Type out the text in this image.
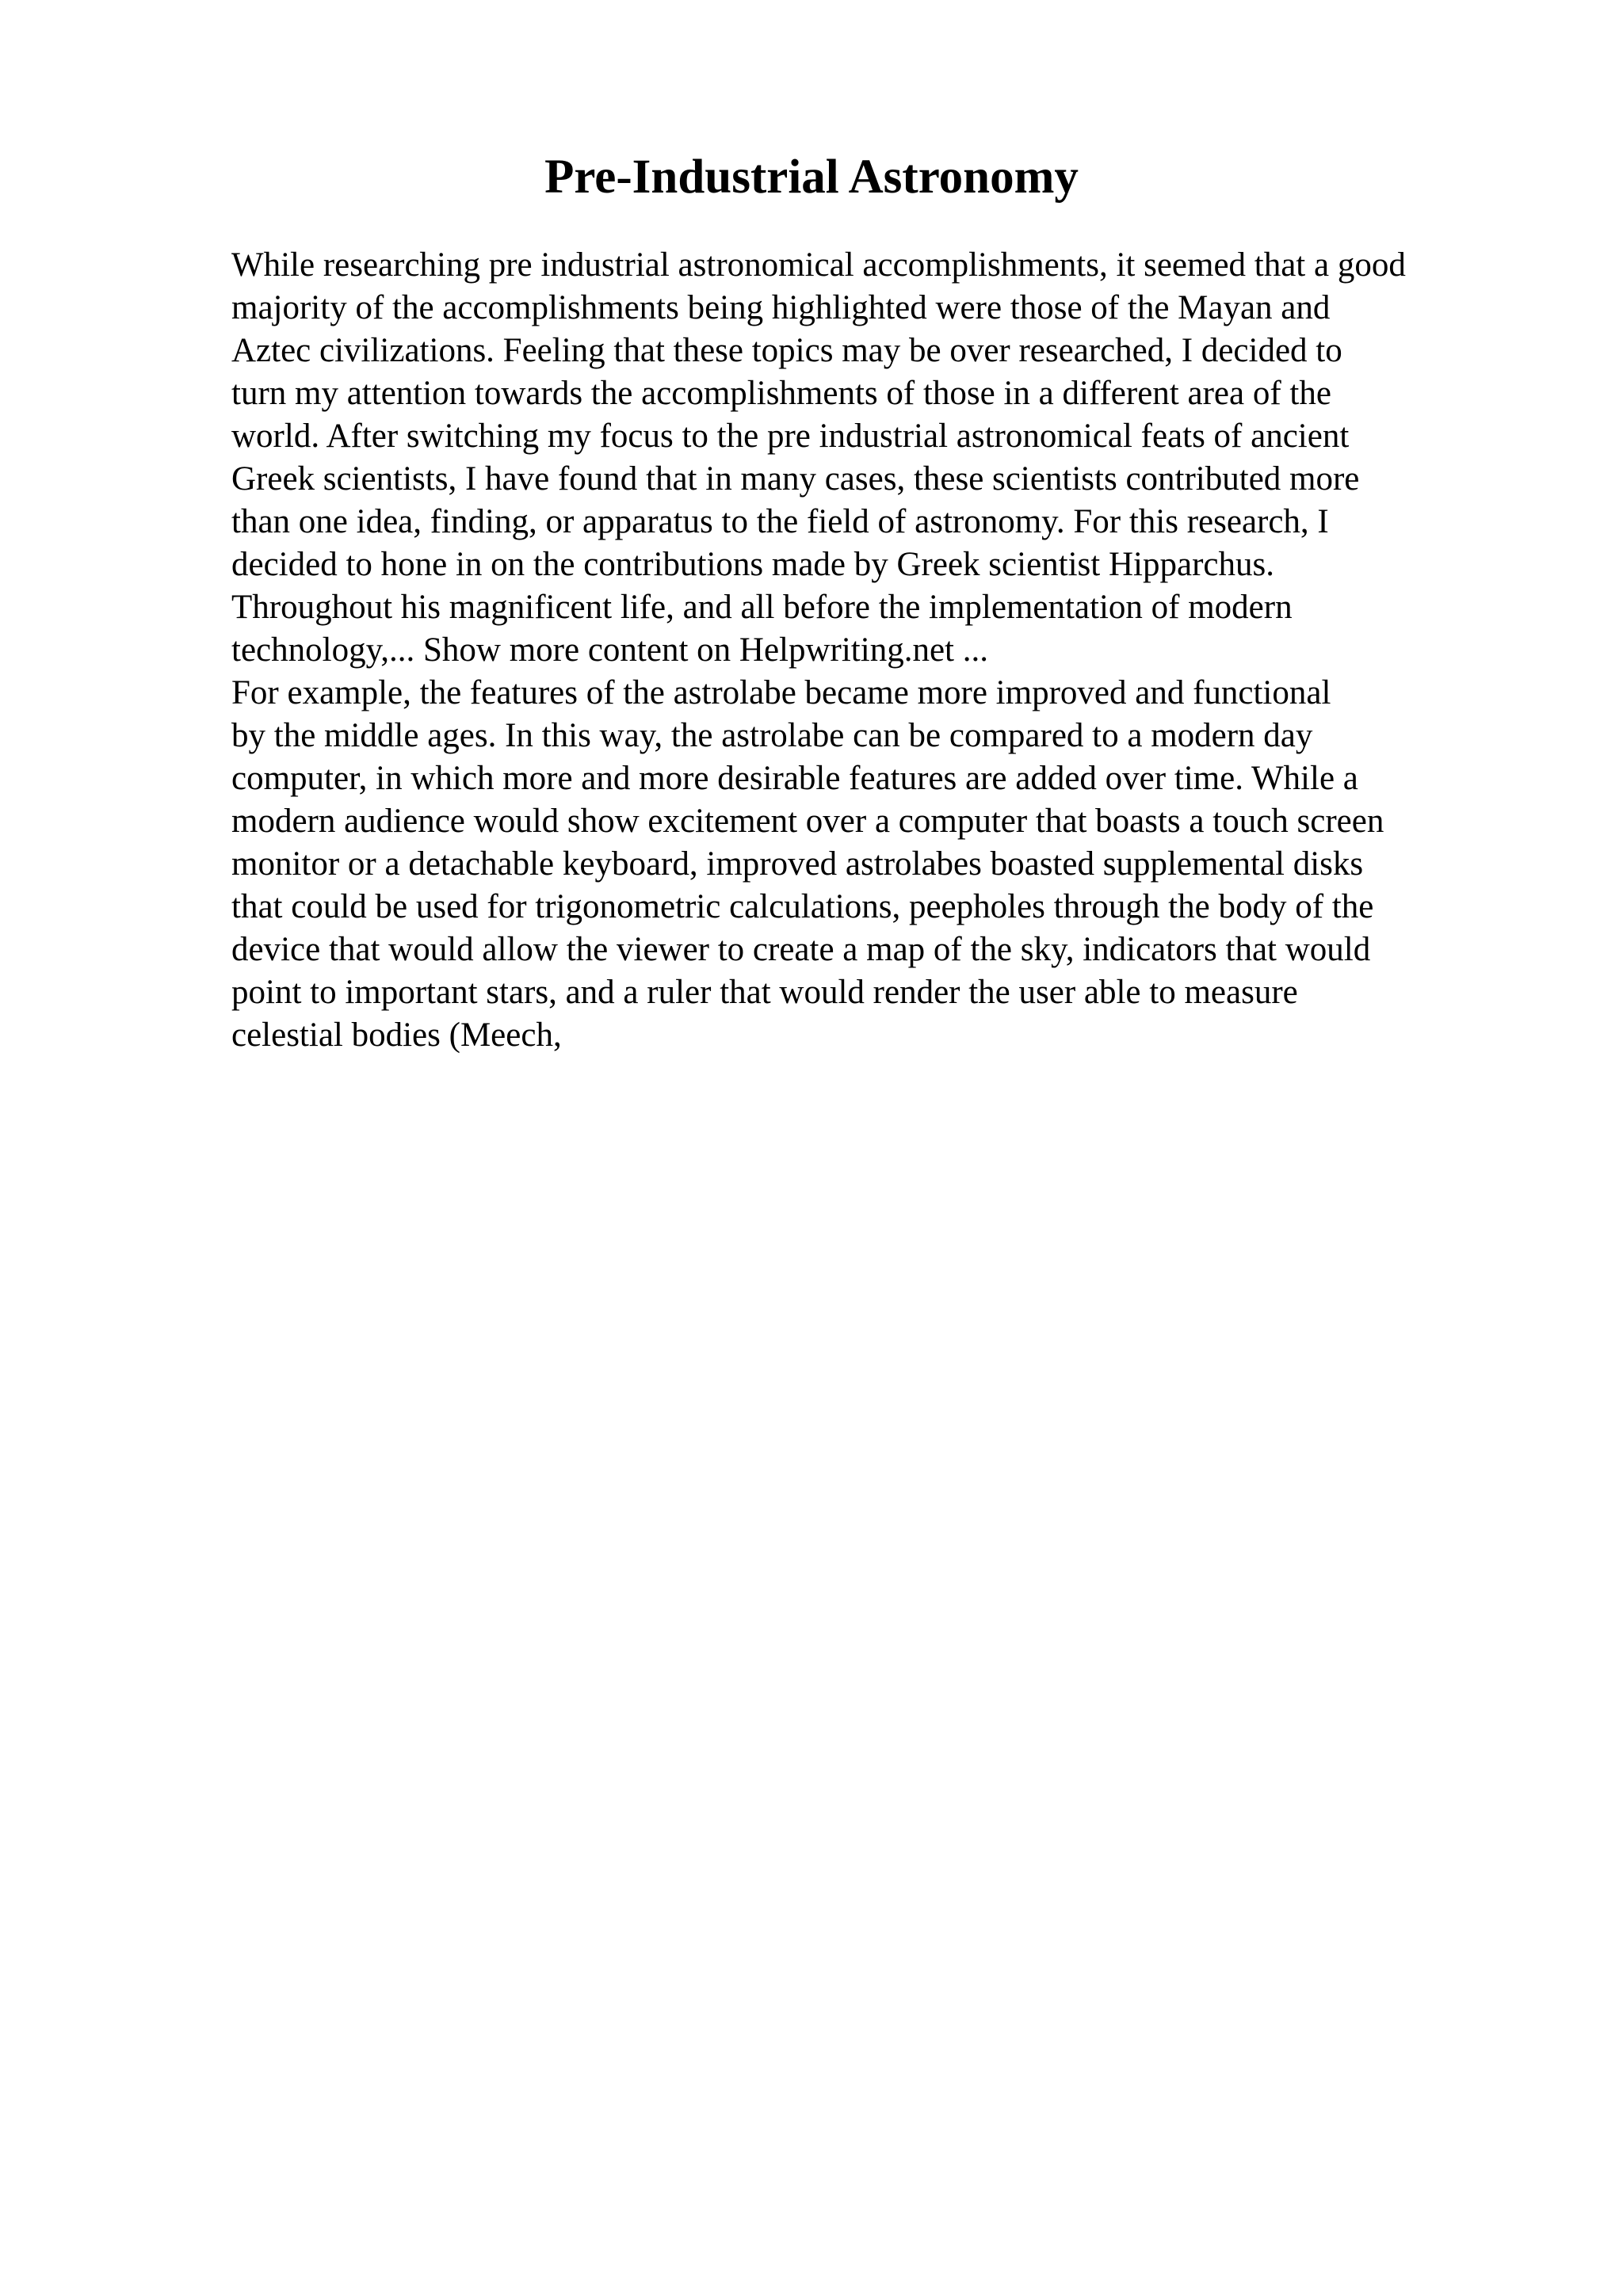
Pre-Industrial Astronomy
While researching pre industrial astronomical accomplishments, it seemed that a good
majority of the accomplishments being highlighted were those of the Mayan and
Aztec civilizations. Feeling that these topics may be over researched, I decided to
turn my attention towards the accomplishments of those in a different area of the
world. After switching my focus to the pre industrial astronomical feats of ancient
Greek scientists, I have found that in many cases, these scientists contributed more
than one idea, finding, or apparatus to the field of astronomy. For this research, I
decided to hone in on the contributions made by Greek scientist Hipparchus.
Throughout his magnificent life, and all before the implementation of modern
technology,... Show more content on Helpwriting.net ...
For example, the features of the astrolabe became more improved and functional
by the middle ages. In this way, the astrolabe can be compared to a modern day
computer, in which more and more desirable features are added over time. While a
modern audience would show excitement over a computer that boasts a touch screen
monitor or a detachable keyboard, improved astrolabes boasted supplemental disks
that could be used for trigonometric calculations, peepholes through the body of the
device that would allow the viewer to create a map of the sky, indicators that would
point to important stars, and a ruler that would render the user able to measure
celestial bodies (Meech,
